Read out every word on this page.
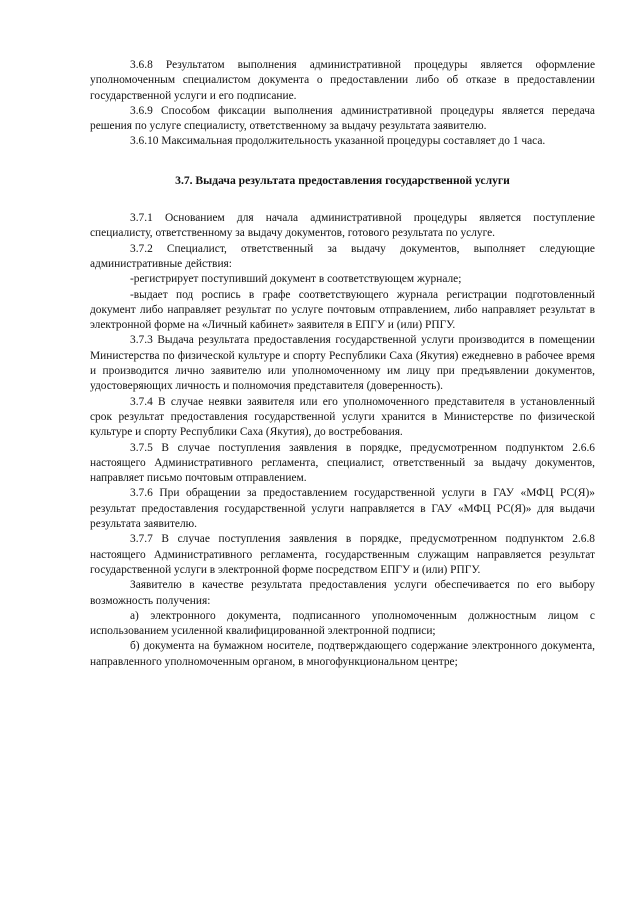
3.6.8 Результатом выполнения административной процедуры является оформление уполномоченным специалистом документа о предоставлении либо об отказе в предоставлении государственной услуги и его подписание.

3.6.9 Способом фиксации выполнения административной процедуры является передача решения по услуге специалисту, ответственному за выдачу результата заявителю.

3.6.10 Максимальная продолжительность указанной процедуры составляет до 1 часа.

3.7. Выдача результата предоставления государственной услуги

3.7.1 Основанием для начала административной процедуры является поступление специалисту, ответственному за выдачу документов, готового результата по услуге.

3.7.2 Специалист, ответственный за выдачу документов, выполняет следующие административные действия:

-регистрирует поступивший документ в соответствующем журнале;

-выдает под роспись в графе соответствующего журнала регистрации подготовленный документ либо направляет результат по услуге почтовым отправлением, либо направляет результат в электронной форме на «Личный кабинет» заявителя в ЕПГУ и (или) РПГУ.

3.7.3 Выдача результата предоставления государственной услуги производится в помещении Министерства по физической культуре и спорту Республики Саха (Якутия) ежедневно в рабочее время и производится лично заявителю или уполномоченному им лицу при предъявлении документов, удостоверяющих личность и полномочия представителя (доверенность).

3.7.4 В случае неявки заявителя или его уполномоченного представителя в установленный срок результат предоставления государственной услуги хранится в Министерстве по физической культуре и спорту Республики Саха (Якутия), до востребования.

3.7.5 В случае поступления заявления в порядке, предусмотренном подпунктом 2.6.6 настоящего Административного регламента, специалист, ответственный за выдачу документов, направляет письмо почтовым отправлением.

3.7.6 При обращении за предоставлением государственной услуги в ГАУ «МФЦ РС(Я)» результат предоставления государственной услуги направляется в ГАУ «МФЦ РС(Я)» для выдачи результата заявителю.

3.7.7 В случае поступления заявления в порядке, предусмотренном подпунктом 2.6.8 настоящего Административного регламента, государственным служащим направляется результат государственной услуги в электронной форме посредством ЕПГУ и (или) РПГУ.

Заявителю в качестве результата предоставления услуги обеспечивается по его выбору возможность получения:

а) электронного документа, подписанного уполномоченным должностным лицом с использованием усиленной квалифицированной электронной подписи;

б) документа на бумажном носителе, подтверждающего содержание электронного документа, направленного уполномоченным органом, в многофункциональном центре;
